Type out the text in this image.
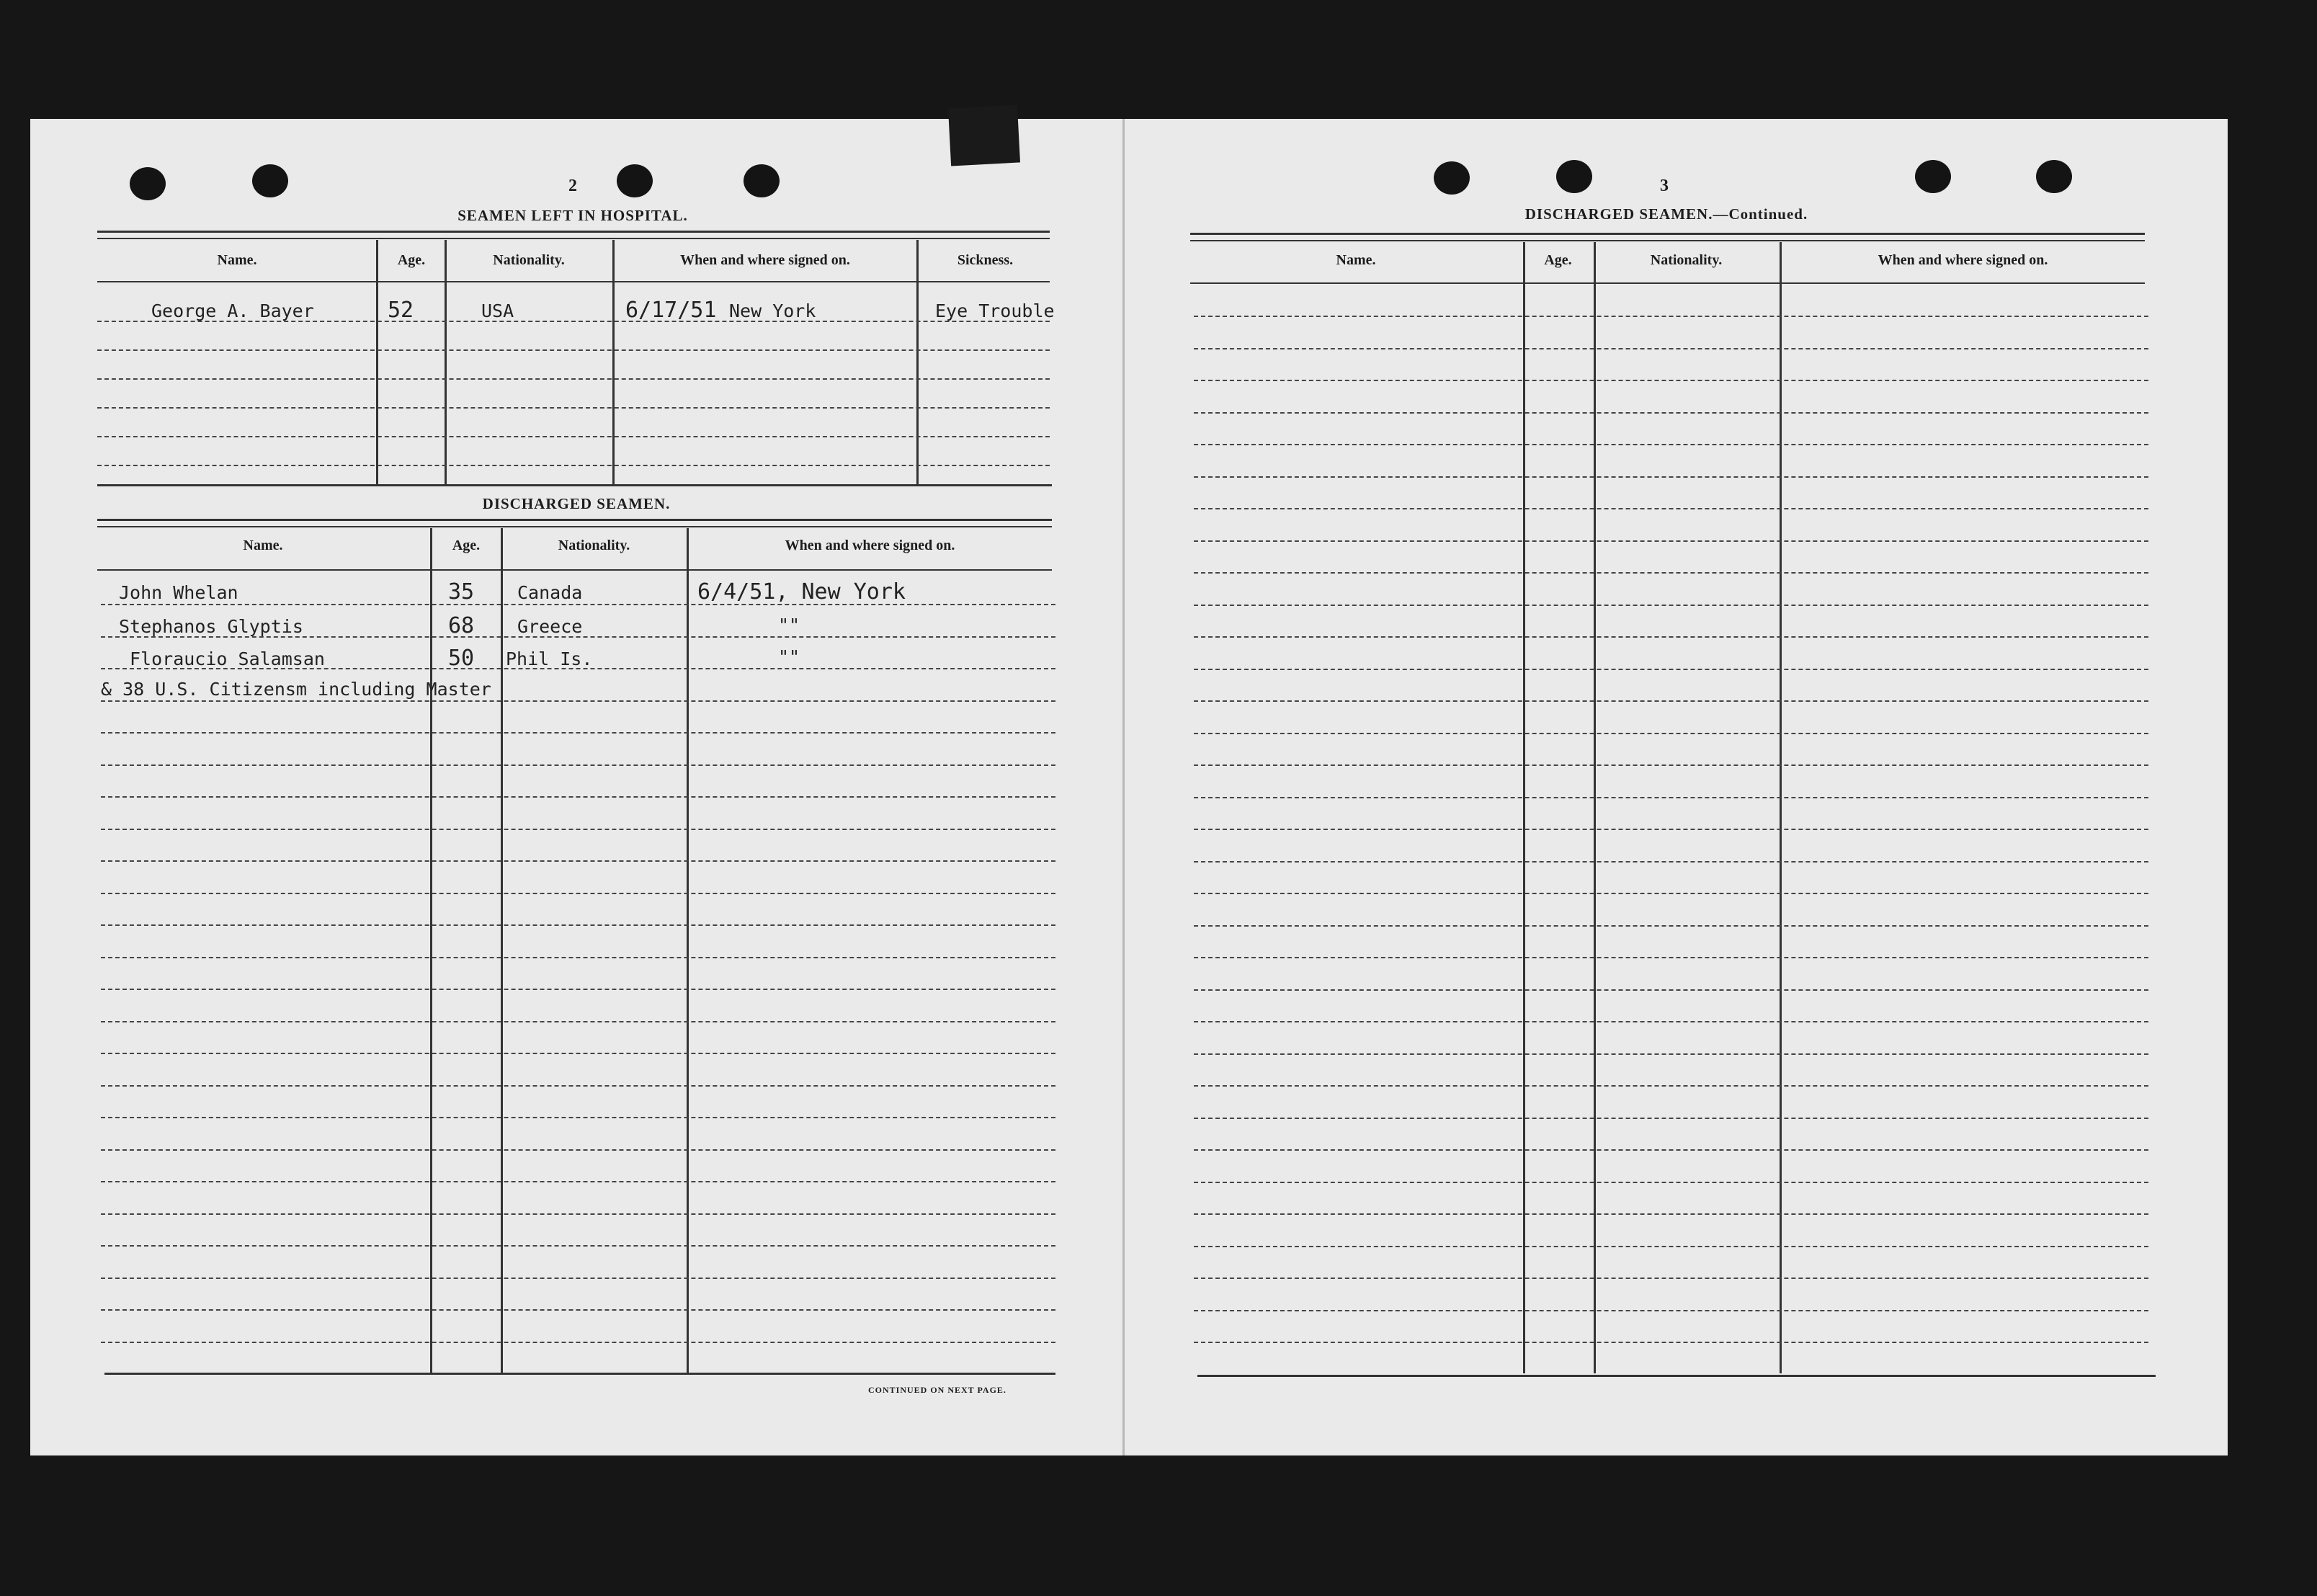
2
SEAMEN LEFT IN HOSPITAL.
Name.	Age.	Nationality.	When and where signed on.	Sickness.
George A. Bayer	52	USA	6/17/51 New York	Eye Trouble
DISCHARGED SEAMEN.
Name.	Age.	Nationality.	When and where signed on.
John Whelan	35 Canada	6/4/51, New York
Stephanos Glyptis	68 Greece	""
Floraucio Salamsan	50 Phil Is.	""
& 38 U.S. Citizensm including Master
CONTINUED ON NEXT PAGE.
3
DISCHARGED SEAMEN.—Continued.
Name.	Age.	Nationality.	When and where signed on.
